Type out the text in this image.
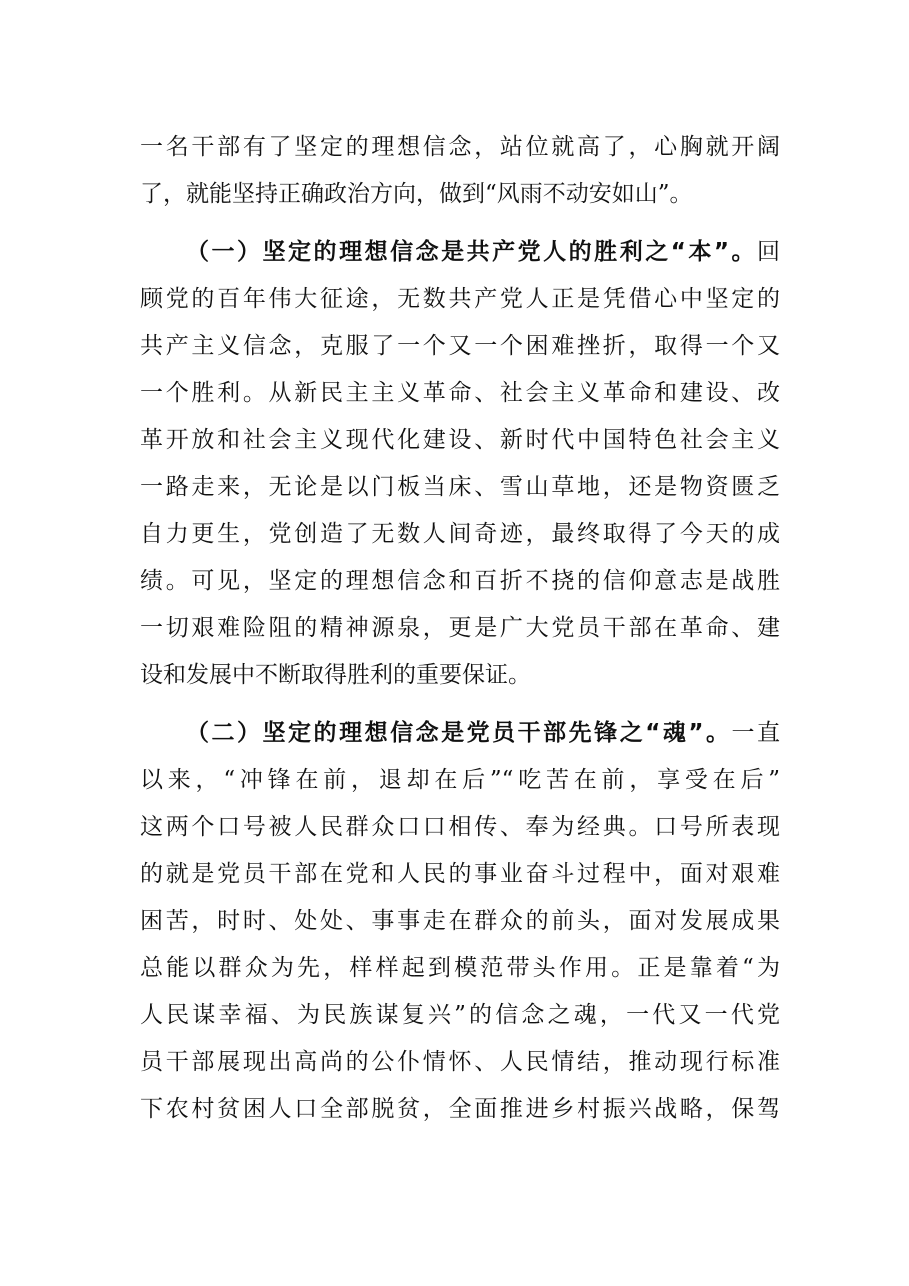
一名干部有了坚定的理想信念，站位就高了，心胸就开阔
了，就能坚持正确政治方向，做到“风雨不动安如山”。
（一）坚定的理想信念是共产党人的胜利之“本”。回
顾党的百年伟大征途，无数共产党人正是凭借心中坚定的
共产主义信念，克服了一个又一个困难挫折，取得一个又
一个胜利。从新民主主义革命、社会主义革命和建设、改
革开放和社会主义现代化建设、新时代中国特色社会主义
一路走来，无论是以门板当床、雪山草地，还是物资匮乏
自力更生，党创造了无数人间奇迹，最终取得了今天的成
绩。可见，坚定的理想信念和百折不挠的信仰意志是战胜
一切艰难险阻的精神源泉，更是广大党员干部在革命、建
设和发展中不断取得胜利的重要保证。
（二）坚定的理想信念是党员干部先锋之“魂”。一直
以来，“冲锋在前，退却在后”“吃苦在前，享受在后”
这两个口号被人民群众口口相传、奉为经典。口号所表现
的就是党员干部在党和人民的事业奋斗过程中，面对艰难
困苦，时时、处处、事事走在群众的前头，面对发展成果
总能以群众为先，样样起到模范带头作用。正是靠着“为
人民谋幸福、为民族谋复兴”的信念之魂，一代又一代党
员干部展现出高尚的公仆情怀、人民情结，推动现行标准
下农村贫困人口全部脱贫，全面推进乡村振兴战略，保驾
